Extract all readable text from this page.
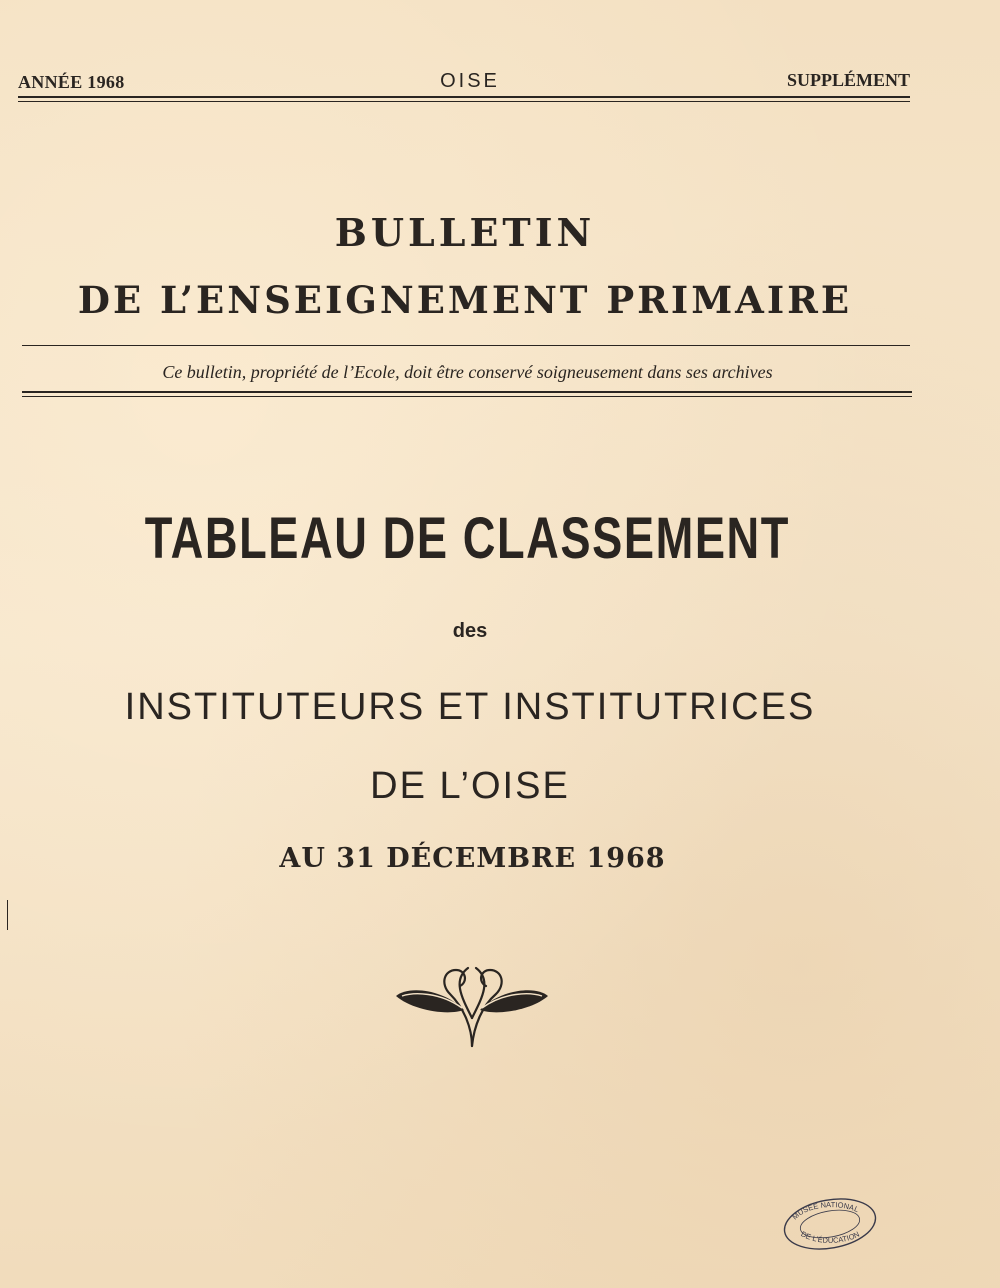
ANNÉE 1968	OISE	SUPPLÉMENT
BULLETIN
DE L’ENSEIGNEMENT PRIMAIRE
Ce bulletin, propriété de l’Ecole, doit être conservé soigneusement dans ses archives
TABLEAU DE CLASSEMENT
des
INSTITUTEURS ET INSTITUTRICES
DE L’OISE
AU 31 DÉCEMBRE 1968
MUSÉE NATIONAL
DE L’ÉDUCATION
